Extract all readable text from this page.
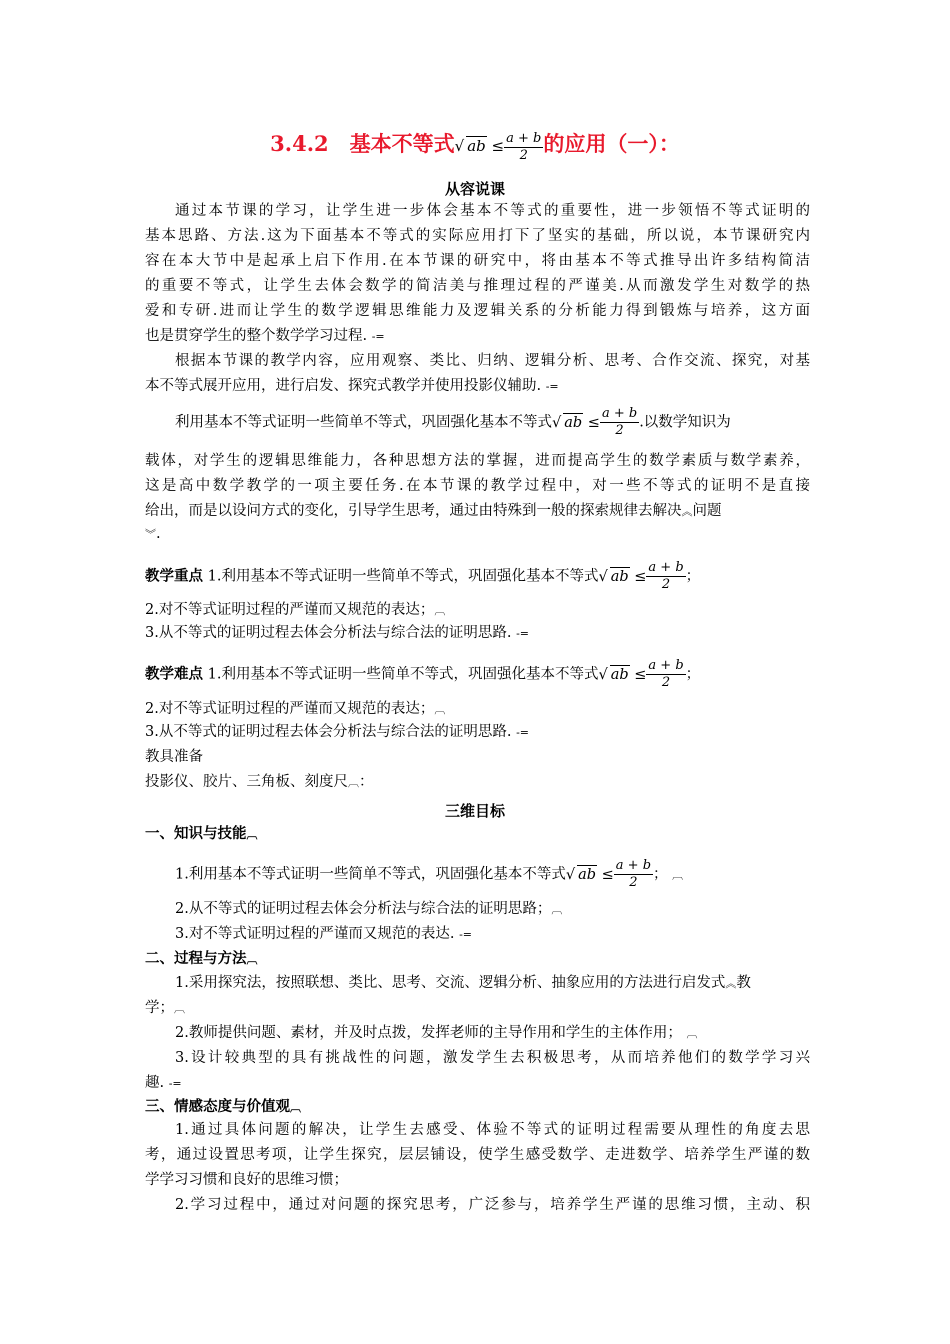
3.4.2　基本不等式√ ab ≤ $\frac{a + b}{2}$ 的应用（一）：
从容说课
通过本节课的学习，让学生进一步体会基本不等式的重要性，进一步领悟不等式证明的
基本思路、方法.这为下面基本不等式的实际应用打下了坚实的基础，所以说，本节课研究内
容在本大节中是起承上启下作用.在本节课的研究中，将由基本不等式推导出许多结构简洁
的重要不等式，让学生去体会数学的简洁美与推理过程的严谨美.从而激发学生对数学的热
爱和专研.进而让学生的数学逻辑思维能力及逻辑关系的分析能力得到锻炼与培养，这方面
也是贯穿学生的整个数学学习过程. -=
根据本节课的教学内容，应用观察、类比、归纳、逻辑分析、思考、合作交流、探究，对基
本不等式展开应用，进行启发、探究式教学并使用投影仪辅助. -=
利用基本不等式证明一些简单不等式，巩固强化基本不等式√ ab ≤ $\frac{a + b}{2}$ .以数学知识为
载体，对学生的逻辑思维能力，各种思想方法的掌握，进而提高学生的数学素质与数学素养，
这是高中数学教学的一项主要任务.在本节课的教学过程中，对一些不等式的证明不是直接
给出，而是以设问方式的变化，引导学生思考，通过由特殊到一般的探索规律去解决︽问题
︾.
教学重点 1.利用基本不等式证明一些简单不等式，巩固强化基本不等式√ ab ≤ $\frac{a + b}{2}$ ；
2.对不等式证明过程的严谨而又规范的表达；︹
3.从不等式的证明过程去体会分析法与综合法的证明思路. -=
教学难点 1.利用基本不等式证明一些简单不等式，巩固强化基本不等式√ ab ≤ $\frac{a + b}{2}$ ；
2.对不等式证明过程的严谨而又规范的表达；︹
3.从不等式的证明过程去体会分析法与综合法的证明思路. -=
教具准备
投影仪、胶片、三角板、刻度尺︹：
三维目标
一、知识与技能︹
1.利用基本不等式证明一些简单不等式，巩固强化基本不等式√ ab ≤ $\frac{a + b}{2}$ ； ︹
2.从不等式的证明过程去体会分析法与综合法的证明思路；︹
3.对不等式证明过程的严谨而又规范的表达. -=
二、过程与方法︹
1.采用探究法，按照联想、类比、思考、交流、逻辑分析、抽象应用的方法进行启发式︽教
学；︹
2.教师提供问题、素材，并及时点拨，发挥老师的主导作用和学生的主体作用； ︹
3.设计较典型的具有挑战性的问题，激发学生去积极思考，从而培养他们的数学学习兴
趣. -=
三、情感态度与价值观︹
1.通过具体问题的解决，让学生去感受、体验不等式的证明过程需要从理性的角度去思
考，通过设置思考项，让学生探究，层层铺设，使学生感受数学、走进数学、培养学生严谨的数
学学习习惯和良好的思维习惯；
2.学习过程中，通过对问题的探究思考，广泛参与，培养学生严谨的思维习惯，主动、积
